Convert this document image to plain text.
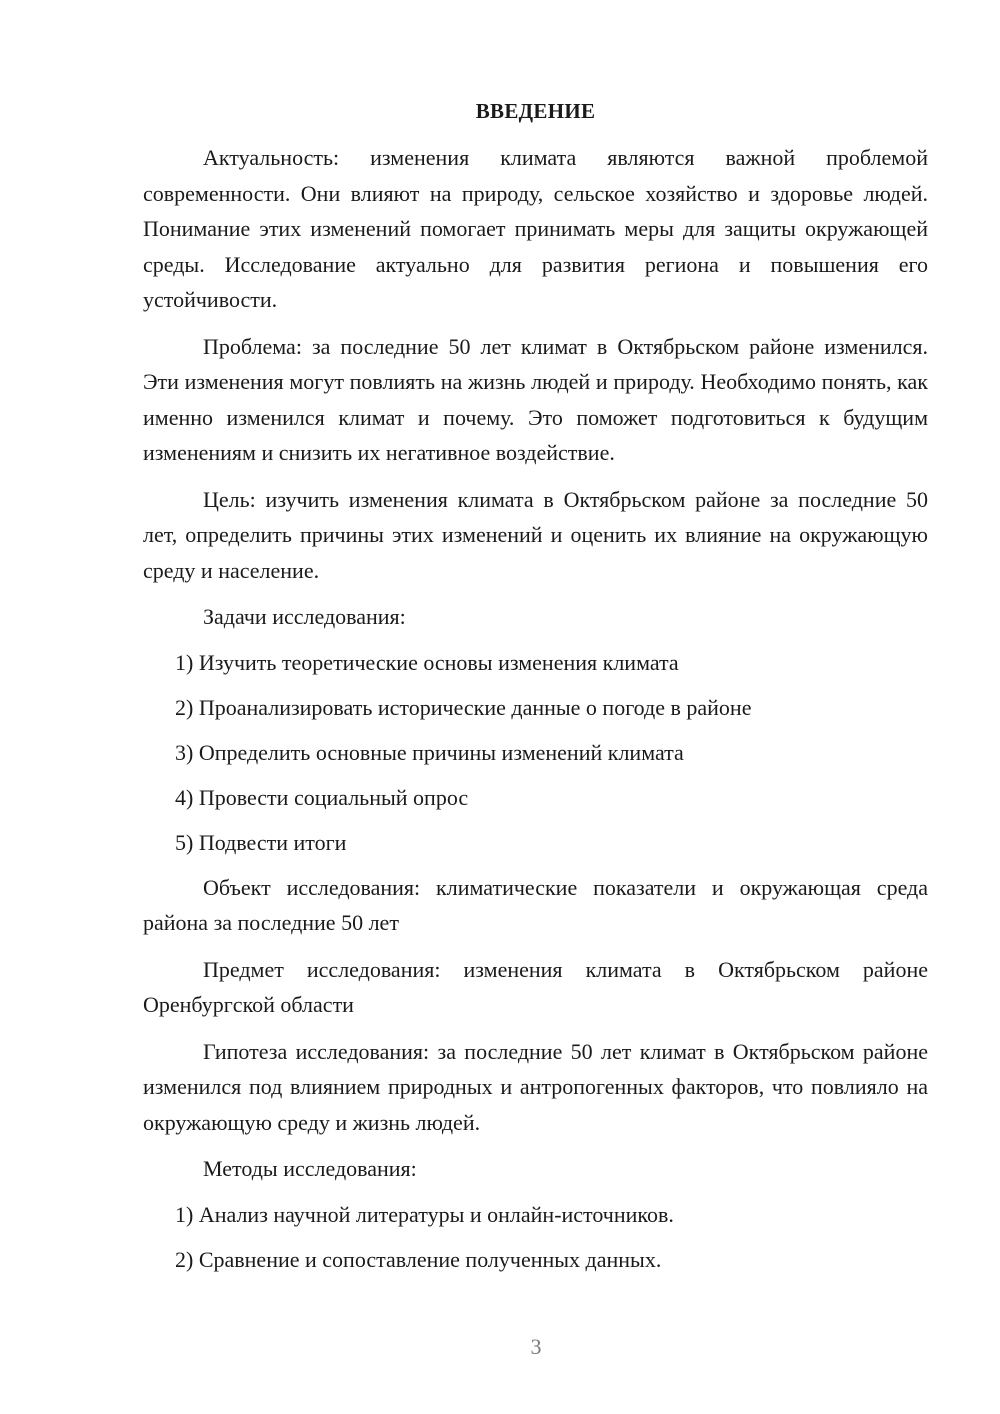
ВВЕДЕНИЕ

Актуальность: изменения климата являются важной проблемой современности. Они влияют на природу, сельское хозяйство и здоровье людей. Понимание этих изменений помогает принимать меры для защиты окружающей среды. Исследование актуально для развития региона и повышения его устойчивости.

Проблема: за последние 50 лет климат в Октябрьском районе изменился. Эти изменения могут повлиять на жизнь людей и природу. Необходимо понять, как именно изменился климат и почему. Это поможет подготовиться к будущим изменениям и снизить их негативное воздействие.

Цель: изучить изменения климата в Октябрьском районе за последние 50 лет, определить причины этих изменений и оценить их влияние на окружающую среду и население.

Задачи исследования:

1) Изучить теоретические основы изменения климата

2) Проанализировать исторические данные о погоде в районе

3) Определить основные причины изменений климата

4) Провести социальный опрос

5) Подвести итоги

Объект исследования: климатические показатели и окружающая среда района за последние 50 лет

Предмет исследования: изменения климата в Октябрьском районе Оренбургской области

Гипотеза исследования: за последние 50 лет климат в Октябрьском районе изменился под влиянием природных и антропогенных факторов, что повлияло на окружающую среду и жизнь людей.

Методы исследования:

1) Анализ научной литературы и онлайн-источников.

2) Сравнение и сопоставление полученных данных.

3
